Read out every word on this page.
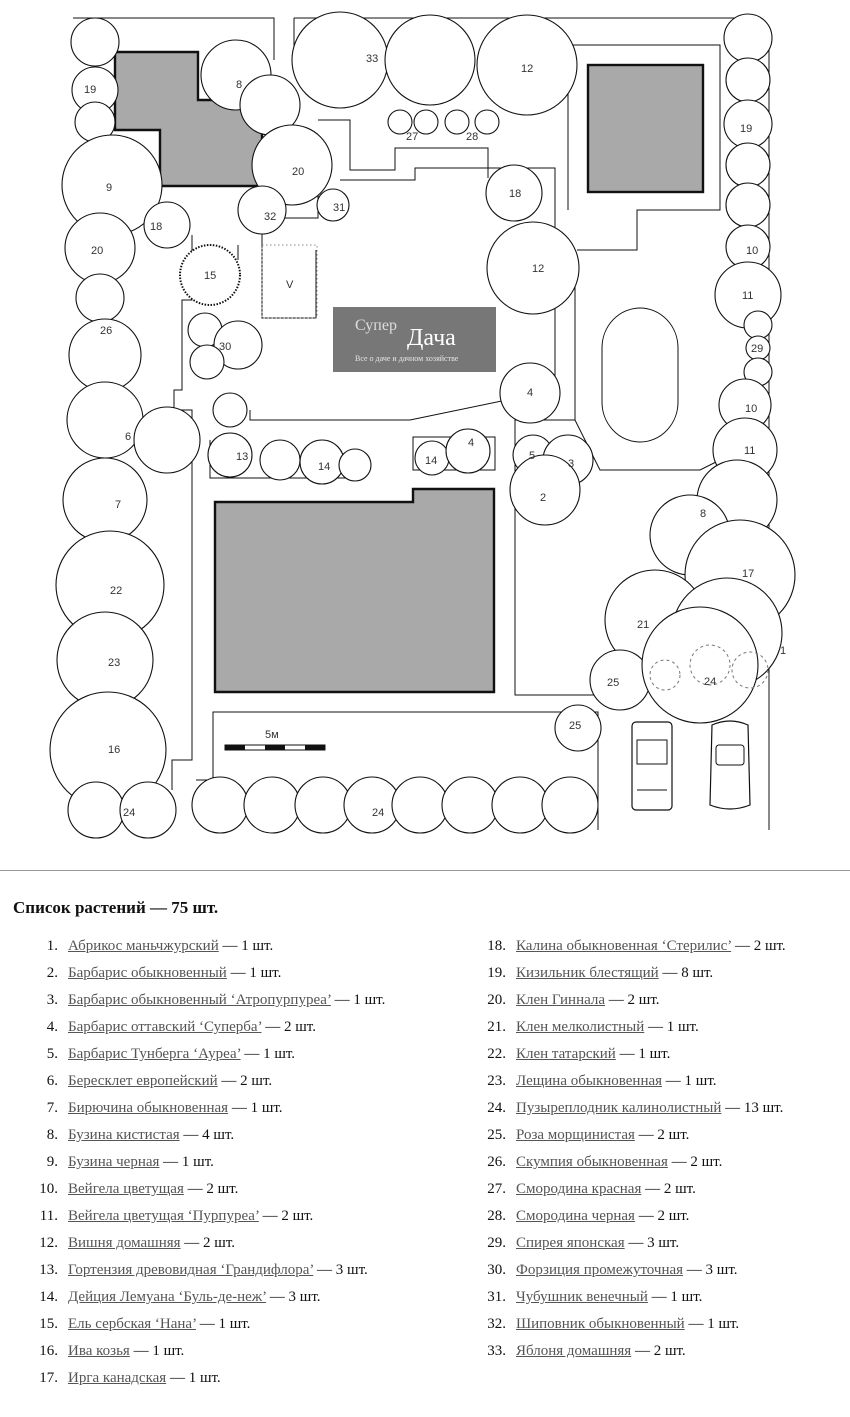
5м
19	8
33
12
27	28
9
20
32
31
18
18
12
20
15
26
30
4
6
13
14	14
4
5
3
2
7
22
23
16
24	24
25
8
21
17
25	24
1
19
10
11
29
10
11
V
Супер Дача
Все о даче и дачном хозяйстве
Список растений — 75 шт.
1. Абрикос маньчжурский — 1 шт.
2. Барбарис обыкновенный — 1 шт.
3. Барбарис обыкновенный ‘Атропурпуреа’ — 1 шт.
4. Барбарис оттавский ‘Суперба’ — 2 шт.
5. Барбарис Тунберга ‘Ауреа’ — 1 шт.
6. Бересклет европейский — 2 шт.
7. Бирючина обыкновенная — 1 шт.
8. Бузина кистистая — 4 шт.
9. Бузина черная — 1 шт.
10. Вейгела цветущая — 2 шт.
11. Вейгела цветущая ‘Пурпуреа’ — 2 шт.
12. Вишня домашняя — 2 шт.
13. Гортензия древовидная ‘Грандифлора’ — 3 шт.
14. Дейция Лемуана ‘Буль-де-неж’ — 3 шт.
15. Ель сербская ‘Нана’ — 1 шт.
16. Ива козья — 1 шт.
17. Ирга канадская — 1 шт.
18. Калина обыкновенная ‘Стерилис’ — 2 шт.
19. Кизильник блестящий — 8 шт.
20. Клен Гиннала — 2 шт.
21. Клен мелколистный — 1 шт.
22. Клен татарский — 1 шт.
23. Лещина обыкновенная — 1 шт.
24. Пузыреплодник калинолистный — 13 шт.
25. Роза морщинистая — 2 шт.
26. Скумпия обыкновенная — 2 шт.
27. Смородина красная — 2 шт.
28. Смородина черная — 2 шт.
29. Спирея японская — 3 шт.
30. Форзиция промежуточная — 3 шт.
31. Чубушник венечный — 1 шт.
32. Шиповник обыкновенный — 1 шт.
33. Яблоня домашняя — 2 шт.
